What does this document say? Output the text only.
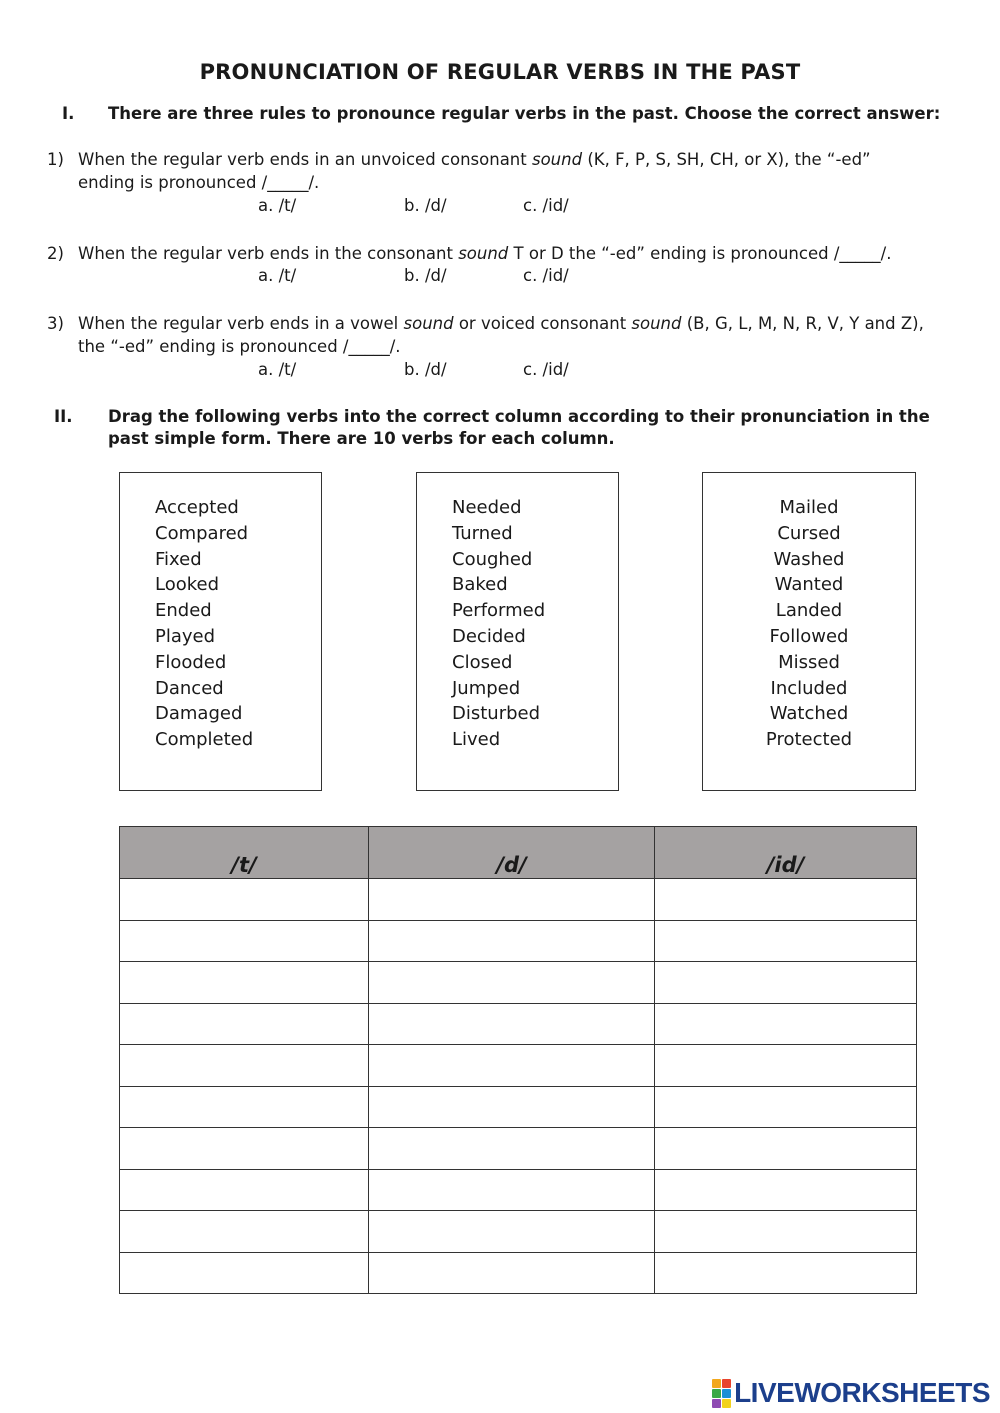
PRONUNCIATION OF REGULAR VERBS IN THE PAST
I. There are three rules to pronounce regular verbs in the past. Choose the correct answer:
1) When the regular verb ends in an unvoiced consonant sound (K, F, P, S, SH, CH, or X), the “-ed” ending is pronounced /_____/.
a. /t/	b. /d/	c. /id/
2) When the regular verb ends in the consonant sound T or D the “-ed” ending is pronounced /_____/.
a. /t/	b. /d/	c. /id/
3) When the regular verb ends in a vowel sound or voiced consonant sound (B, G, L, M, N, R, V, Y and Z), the “-ed” ending is pronounced /_____/.
a. /t/	b. /d/	c. /id/
II. Drag the following verbs into the correct column according to their pronunciation in the past simple form. There are 10 verbs for each column.
Accepted
Compared
Fixed
Looked
Ended
Played
Flooded
Danced
Damaged
Completed
Needed
Turned
Coughed
Baked
Performed
Decided
Closed
Jumped
Disturbed
Lived
Mailed
Cursed
Washed
Wanted
Landed
Followed
Missed
Included
Watched
Protected
/t/	/d/	/id/

LIVEWORKSHEETS
